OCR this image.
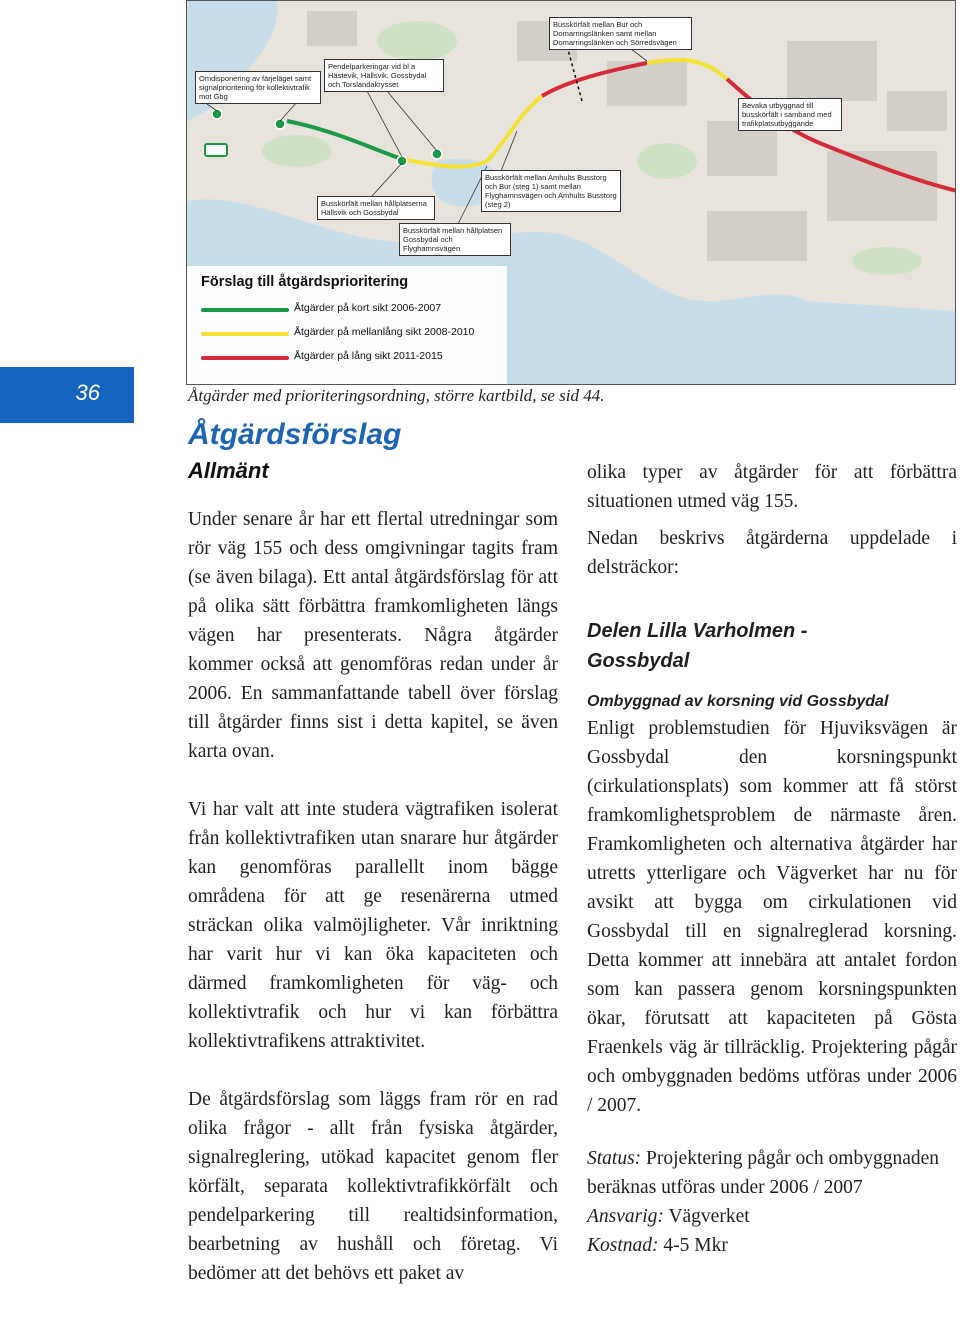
Busskörfält mellan Bur och Domarringslänken samt mellan Domarringslänken och Sörredsvägen
Omdisponering av färjeläget samt signalprioritering för kollektivtrafik mot Gbg
Pendelparkeringar vid bl a Hästevik, Hällsvik, Gossbydal och Torslandakrysset
Bevaka utbyggnad till busskörfält i samband med trafikplatsutbyggande
Busskörfält mellan Amhults Busstorg och Bur (steg 1) samt mellan Flyghamnsvägen och Amhults Busstorg (steg 2)
Busskörfält mellan hållplatserna Hällsvik och Gossbydal
Busskörfält mellan hållplatsen Gossbydal och Flyghamnsvägen
Förslag till åtgärdsprioritering
Åtgärder på kort sikt 2006-2007
Åtgärder på mellanlång sikt 2008-2010
Åtgärder på lång sikt 2011-2015
36	Åtgärder med prioriteringsordning, större kartbild, se sid 44.
Åtgärdsförslag
Allmänt

Under senare år har ett flertal utredningar som rör väg 155 och dess omgivningar tagits fram (se även bilaga). Ett antal åtgärdsförslag för att på olika sätt förbättra framkomligheten längs vägen har presenterats. Några åtgärder kommer också att genomföras redan under år 2006. En sammanfattande tabell över förslag till åtgärder finns sist i detta kapitel, se även karta ovan.

Vi har valt att inte studera vägtrafiken isolerat från kollektivtrafiken utan snarare hur åtgärder kan genomföras parallellt inom bägge områdena för att ge resenärerna utmed sträckan olika valmöjligheter. Vår inriktning har varit hur vi kan öka kapaciteten och därmed framkomligheten för väg- och kollektivtrafik och hur vi kan förbättra kollektivtrafikens attraktivitet.

De åtgärdsförslag som läggs fram rör en rad olika frågor - allt från fysiska åtgärder, signalreglering, utökad kapacitet genom fler körfält, separata kollektivtrafikkörfält och pendelparkering till realtidsinformation, bearbetning av hushåll och företag. Vi bedömer att det behövs ett paket av

olika typer av åtgärder för att förbättra situationen utmed väg 155.

Nedan beskrivs åtgärderna uppdelade i delsträckor:

Delen Lilla Varholmen - Gossbydal

Ombyggnad av korsning vid Gossbydal

Enligt problemstudien för Hjuviksvägen är Gossbydal den korsningspunkt (cirkulationsplats) som kommer att få störst framkomlighetsproblem de närmaste åren. Framkomligheten och alternativa åtgärder har utretts ytterligare och Vägverket har nu för avsikt att bygga om cirkulationen vid Gossbydal till en signalreglerad korsning. Detta kommer att innebära att antalet fordon som kan passera genom korsningspunkten ökar, förutsatt att kapaciteten på Gösta Fraenkels väg är tillräcklig. Projektering pågår och ombyggnaden bedöms utföras under 2006 / 2007.

Status: Projektering pågår och ombyggnaden beräknas utföras under 2006 / 2007

Ansvarig: Vägverket

Kostnad: 4-5 Mkr
